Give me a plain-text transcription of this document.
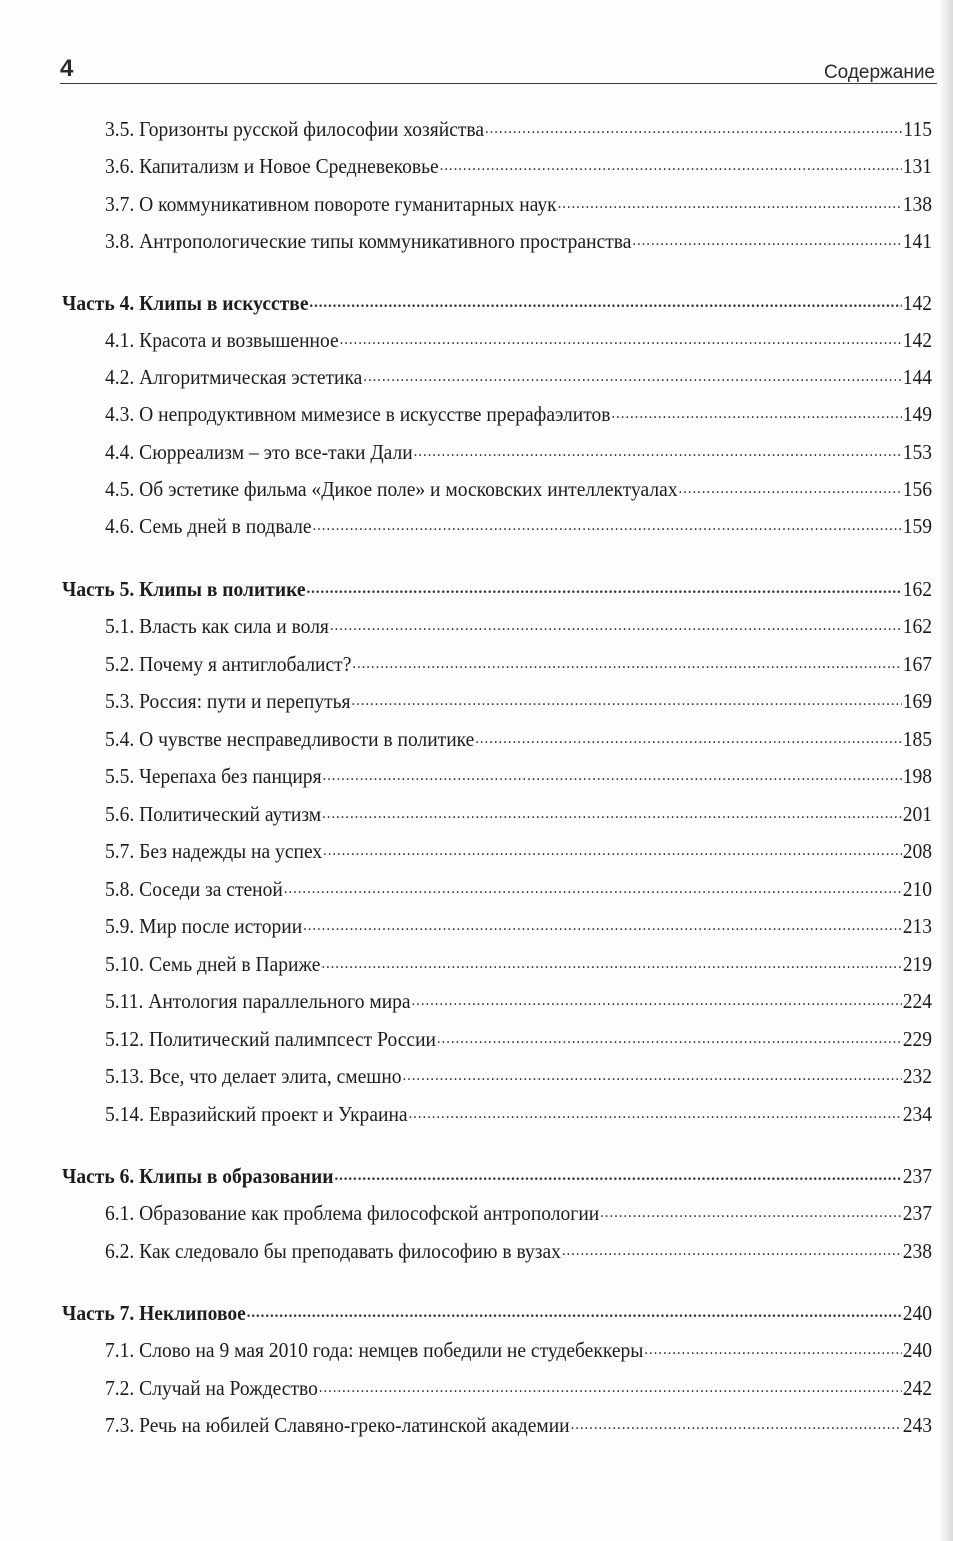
4	Содержание
3.5. Горизонты русской философии хозяйства .....	115
3.6. Капитализм и Новое Средневековье .....	131
3.7. О коммуникативном повороте гуманитарных наук .....	138
3.8. Антропологические типы коммуникативного пространства .....	141
Часть 4. Клипы в искусстве .....	142
4.1. Красота и возвышенное .....	142
4.2. Алгоритмическая эстетика .....	144
4.3. О непродуктивном мимезисе в искусстве прерафаэлитов .....	149
4.4. Сюрреализм – это все-таки Дали .....	153
4.5. Об эстетике фильма «Дикое поле» и московских интеллектуалах .....	156
4.6. Семь дней в подвале .....	159
Часть 5. Клипы в политике .....	162
5.1. Власть как сила и воля .....	162
5.2. Почему я антиглобалист? .....	167
5.3. Россия: пути и перепутья .....	169
5.4. О чувстве несправедливости в политике .....	185
5.5. Черепаха без панциря .....	198
5.6. Политический аутизм .....	201
5.7. Без надежды на успех .....	208
5.8. Соседи за стеной .....	210
5.9. Мир после истории .....	213
5.10. Семь дней в Париже .....	219
5.11. Антология параллельного мира .....	224
5.12. Политический палимпсест России .....	229
5.13. Все, что делает элита, смешно .....	232
5.14. Евразийский проект и Украина .....	234
Часть 6. Клипы в образовании .....	237
6.1. Образование как проблема философской антропологии .....	237
6.2. Как следовало бы преподавать философию в вузах .....	238
Часть 7. Неклиповое .....	240
7.1. Слово на 9 мая 2010 года: немцев победили не студебеккеры .....	240
7.2. Случай на Рождество .....	242
7.3. Речь на юбилей Славяно-греко-латинской академии .....	243
